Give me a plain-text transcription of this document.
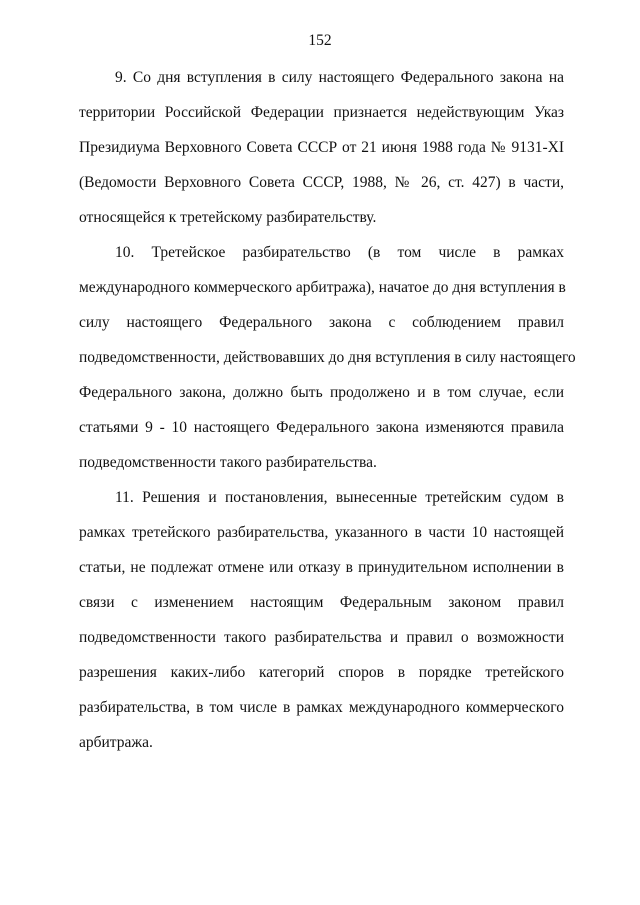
152

9. Со дня вступления в силу настоящего Федерального закона на
территории Российской Федерации признается недействующим Указ
Президиума Верховного Совета СССР от 21 июня 1988 года № 9131-XI
(Ведомости Верховного Совета СССР, 1988, № 26, ст. 427) в части,
относящейся к третейскому разбирательству.

10. Третейское разбирательство (в том числе в рамках
международного коммерческого арбитража), начатое до дня вступления в
силу настоящего Федерального закона с соблюдением правил
подведомственности, действовавших до дня вступления в силу настоящего
Федерального закона, должно быть продолжено и в том случае, если
статьями 9 - 10 настоящего Федерального закона изменяются правила
подведомственности такого разбирательства.

11. Решения и постановления, вынесенные третейским судом в
рамках третейского разбирательства, указанного в части 10 настоящей
статьи, не подлежат отмене или отказу в принудительном исполнении в
связи с изменением настоящим Федеральным законом правил
подведомственности такого разбирательства и правил о возможности
разрешения каких-либо категорий споров в порядке третейского
разбирательства, в том числе в рамках международного коммерческого
арбитража.
